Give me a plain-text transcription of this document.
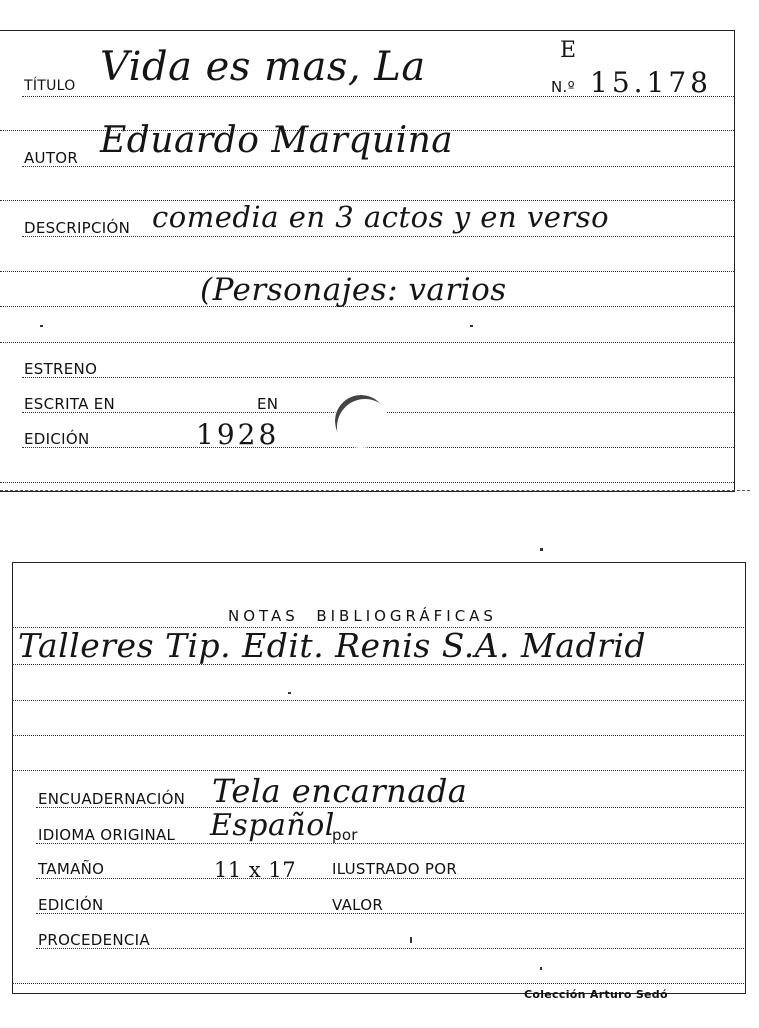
TÍTULO Vida es mas, La	E
N.º 15.178
AUTOR Eduardo Marquina
DESCRIPCIÓN comedia en 3 actos y en verso
(Personajes: varios
ESTRENO
ESCRITA EN	EN
EDICIÓN	1928
NOTAS  BIBLIOGRÁFICAS
Talleres Tip. Edit. Renis S.A. Madrid
ENCUADERNACIÓN Tela encarnada
IDIOMA ORIGINAL Español
por
TAMAÑO	11 x 17 ILUSTRADO POR
EDICIÓN	VALOR
PROCEDENCIA
Colección Arturo Sedó
